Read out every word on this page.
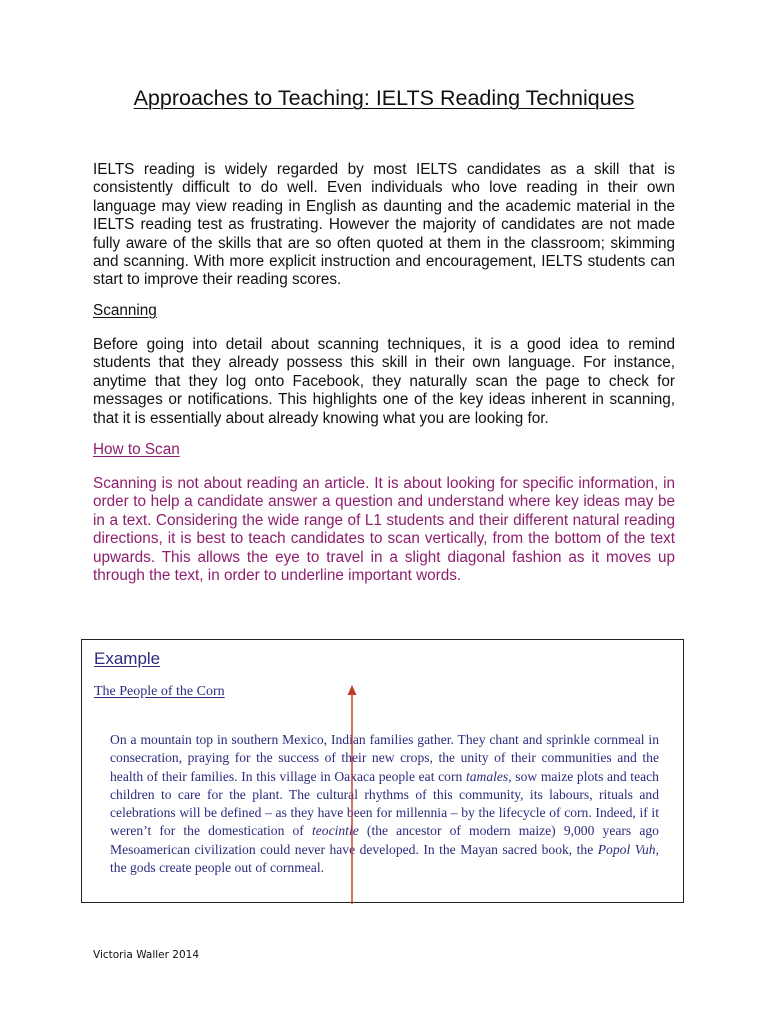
Approaches to Teaching: IELTS Reading Techniques

IELTS reading is widely regarded by most IELTS candidates as a skill that is consistently difficult to do well. Even individuals who love reading in their own language may view reading in English as daunting and the academic material in the IELTS reading test as frustrating. However the majority of candidates are not made fully aware of the skills that are so often quoted at them in the classroom; skimming and scanning. With more explicit instruction and encouragement, IELTS students can start to improve their reading scores.

Scanning

Before going into detail about scanning techniques, it is a good idea to remind students that they already possess this skill in their own language. For instance, anytime that they log onto Facebook, they naturally scan the page to check for messages or notifications. This highlights one of the key ideas inherent in scanning, that it is essentially about already knowing what you are looking for.

How to Scan

Scanning is not about reading an article. It is about looking for specific information, in order to help a candidate answer a question and understand where key ideas may be in a text. Considering the wide range of L1 students and their different natural reading directions, it is best to teach candidates to scan vertically, from the bottom of the text upwards. This allows the eye to travel in a slight diagonal fashion as it moves up through the text, in order to underline important words.

Example
The People of the Corn

On a mountain top in southern Mexico, Indian families gather. They chant and sprinkle cornmeal in consecration, praying for the success of their new crops, the unity of their communities and the health of their families. In this village in Oaxaca people eat corn tamales, sow maize plots and teach children to care for the plant. The cultural rhythms of this community, its labours, rituals and celebrations will be defined – as they have been for millennia – by the lifecycle of corn. Indeed, if it weren’t for the domestication of teocintle (the ancestor of modern maize) 9,000 years ago Mesoamerican civilization could never have developed. In the Mayan sacred book, the Popol Vuh, the gods create people out of cornmeal.

Victoria Waller 2014
